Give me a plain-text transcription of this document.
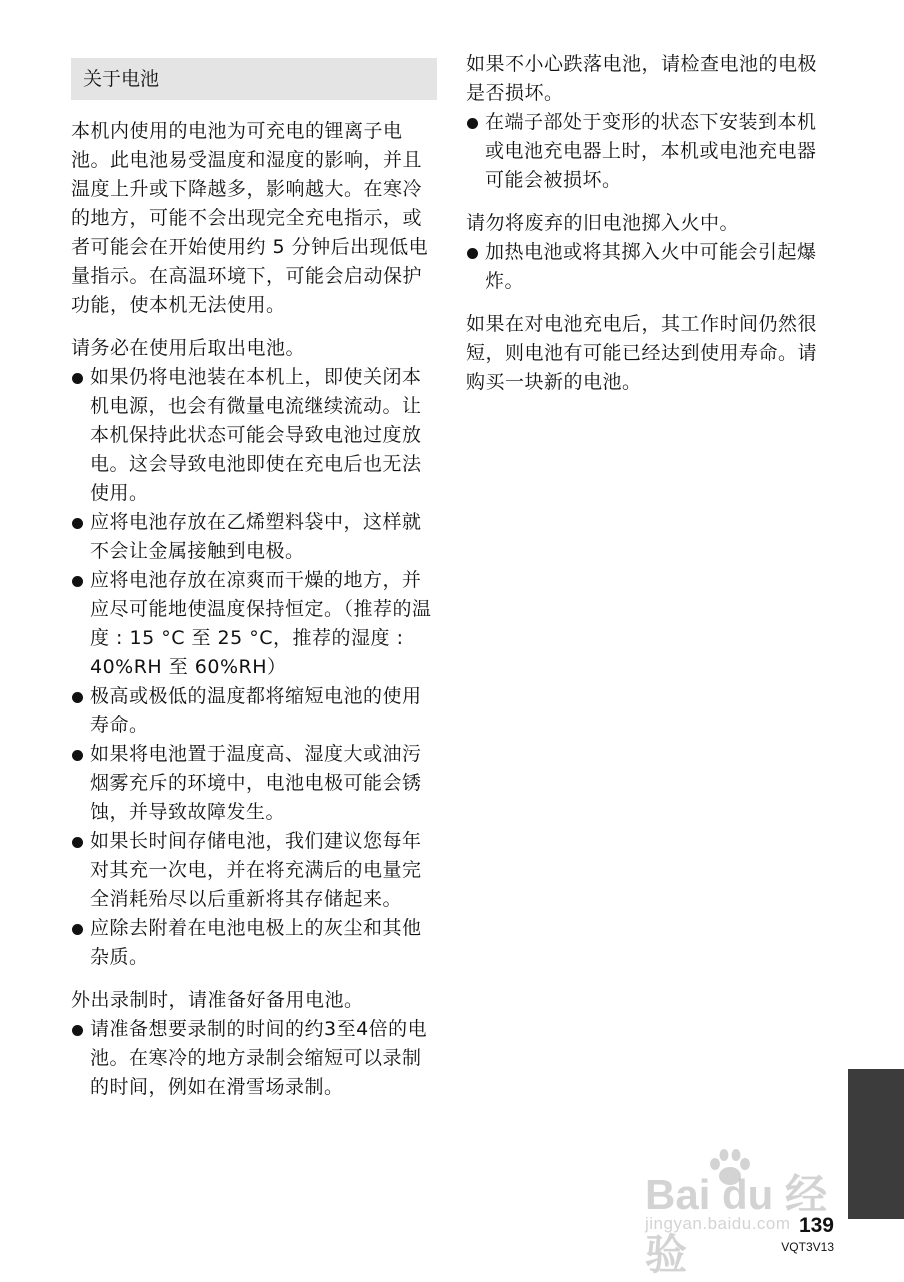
关于电池

本机内使用的电池为可充电的锂离子电池。此电池易受温度和湿度的影响，并且温度上升或下降越多，影响越大。在寒冷的地方，可能不会出现完全充电指示，或者可能会在开始使用约 5 分钟后出现低电量指示。在高温环境下，可能会启动保护功能，使本机无法使用。

请务必在使用后取出电池。

如果仍将电池装在本机上，即使关闭本机电源，也会有微量电流继续流动。让本机保持此状态可能会导致电池过度放电。这会导致电池即使在充电后也无法使用。
应将电池存放在乙烯塑料袋中，这样就不会让金属接触到电极。
应将电池存放在凉爽而干燥的地方，并应尽可能地使温度保持恒定。（推荐的温度 : 15 °C 至 25 °C，推荐的湿度 : 40%RH 至 60%RH）
极高或极低的温度都将缩短电池的使用寿命。
如果将电池置于温度高、湿度大或油污烟雾充斥的环境中，电池电极可能会锈蚀，并导致故障发生。
如果长时间存储电池，我们建议您每年对其充一次电，并在将充满后的电量完全消耗殆尽以后重新将其存储起来。
应除去附着在电池电极上的灰尘和其他杂质。

外出录制时，请准备好备用电池。

请准备想要录制的时间的约3至4倍的电池。在寒冷的地方录制会缩短可以录制的时间，例如在滑雪场录制。

如果不小心跌落电池，请检查电池的电极是否损坏。

在端子部处于变形的状态下安装到本机或电池充电器上时，本机或电池充电器可能会被损坏。

请勿将废弃的旧电池掷入火中。

加热电池或将其掷入火中可能会引起爆炸。

如果在对电池充电后，其工作时间仍然很短，则电池有可能已经达到使用寿命。请购买一块新的电池。

Bai du 经验
jingyan.baidu.com 139
VQT3V13
